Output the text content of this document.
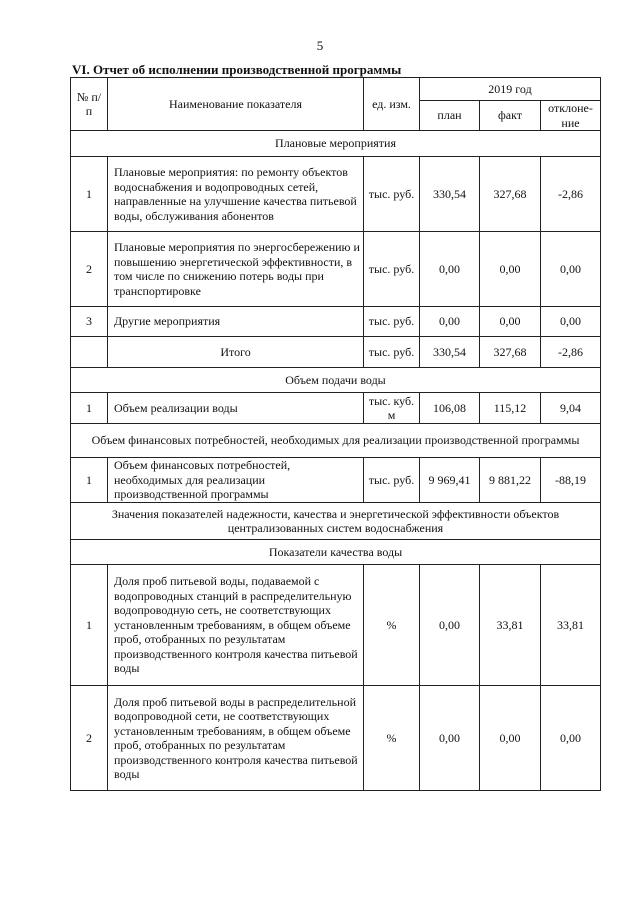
5
VI. Отчет об исполнении производственной программы
№ п/п	Наименование показателя	ед. изм.	2019 год		
			план	факт	отклоне-ние
Плановые мероприятия					
1	Плановые мероприятия: по ремонту объектов водоснабжения и водопроводных сетей, направленные на улучшение качества питьевой воды, обслуживания абонентов	тыс. руб.	330,54	327,68	-2,86
2	Плановые мероприятия по энергосбережению и повышению энергетической эффективности, в том числе по снижению потерь воды при транспортировке	тыс. руб.	0,00	0,00	0,00
3	Другие мероприятия	тыс. руб.	0,00	0,00	0,00
	Итого	тыс. руб.	330,54	327,68	-2,86
Объем подачи воды					
1	Объем реализации воды	тыс. куб. м	106,08	115,12	9,04
Объем финансовых потребностей, необходимых для реализации производственной программы					
1	Объем финансовых потребностей, необходимых для реализации производственной программы	тыс. руб.	9 969,41	9 881,22	-88,19
Значения показателей надежности, качества и энергетической эффективности объектов централизованных систем водоснабжения					
Показатели качества воды					
1	Доля проб питьевой воды, подаваемой с водопроводных станций в распределительную водопроводную сеть, не соответствующих установленным требованиям, в общем объеме проб, отобранных по результатам производственного контроля качества питьевой воды	%	0,00	33,81	33,81
2	Доля проб питьевой воды в распределительной водопроводной сети, не соответствующих установленным требованиям, в общем объеме проб, отобранных по результатам производственного контроля качества питьевой воды	%	0,00	0,00	0,00
